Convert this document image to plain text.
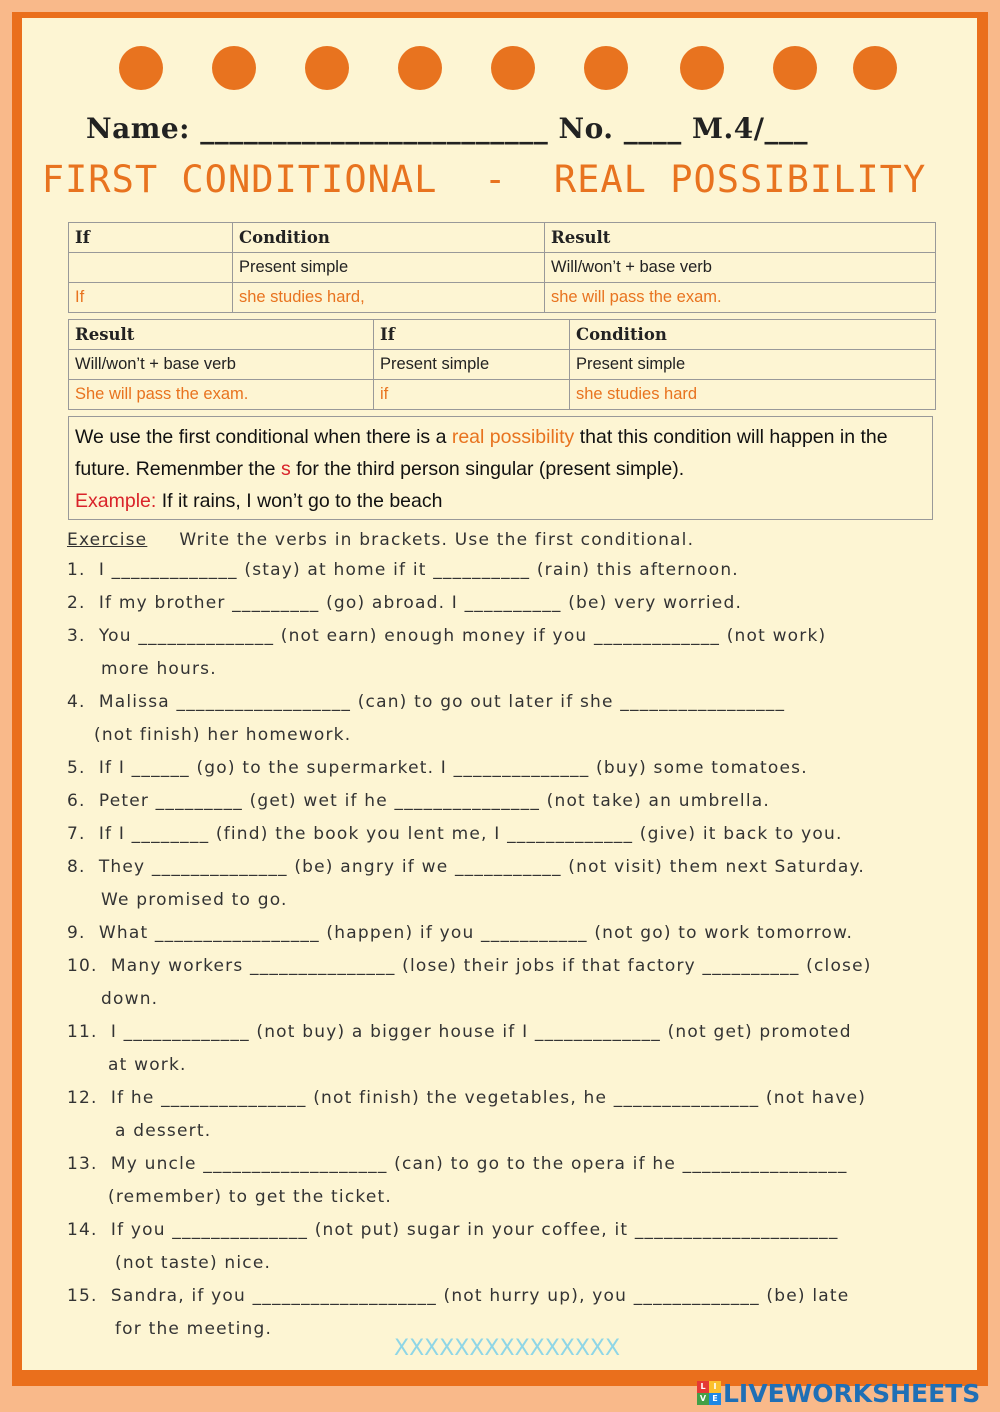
Name: ________________________ No. ____ M.4/___
FIRST CONDITIONAL  -  REAL POSSIBILITY
If	Condition	Result
	Present simple	Will/won’t + base verb
If	she studies hard,	she will pass the exam.
Result	If	Condition
Will/won’t + base verb	Present simple	Present simple
She will pass the exam.	if	she studies hard
We use the first conditional when there is a real possibility that this condition will happen in the future. Remenmber the s for the third person singular (present simple).
Example: If it rains, I won’t go to the beach
Exercise Write the verbs in brackets. Use the first conditional.
1. I _____________ (stay) at home if it __________ (rain) this afternoon.
2. If my brother _________ (go) abroad. I __________ (be) very worried.
3. You ______________ (not earn) enough money if you _____________ (not work)
more hours.
4. Malissa __________________ (can) to go out later if she _________________
(not finish) her homework.
5. If I ______ (go) to the supermarket. I ______________ (buy) some tomatoes.
6. Peter _________ (get) wet if he _______________ (not take) an umbrella.
7. If I ________ (find) the book you lent me, I _____________ (give) it back to you.
8. They ______________ (be) angry if we ___________ (not visit) them next Saturday.
We promised to go.
9. What _________________ (happen) if you ___________ (not go) to work tomorrow.
10. Many workers _______________ (lose) their jobs if that factory __________ (close)
down.
11. I _____________ (not buy) a bigger house if I _____________ (not get) promoted
at work.
12. If he _______________ (not finish) the vegetables, he _______________ (not have)
a dessert.
13. My uncle ___________________ (can) to go to the opera if he _________________
(remember) to get the ticket.
14. If you ______________ (not put) sugar in your coffee, it _____________________
(not taste) nice.
15. Sandra, if you ___________________ (not hurry up), you _____________ (be) late
for the meeting.
XXXXXXXXXXXXXXX
L I
V E LIVEWORKSHEETS
